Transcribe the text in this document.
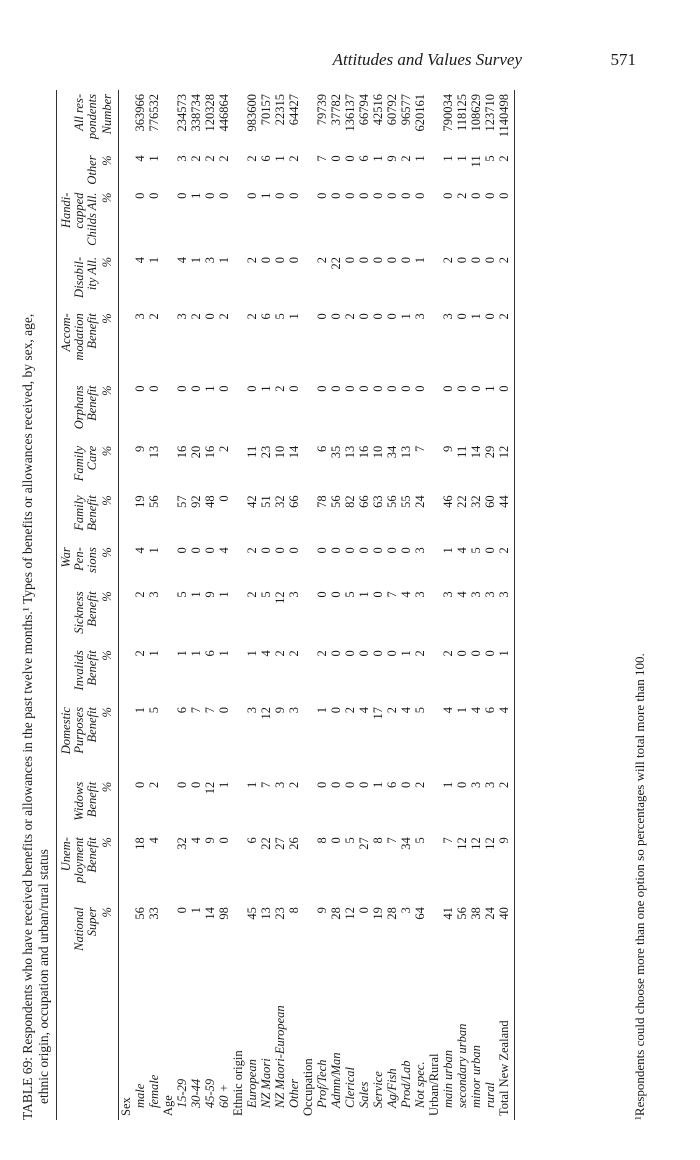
Attitudes and Values Survey	571
TABLE 69: Respondents who have received benefits or allowances in the past twelve months.¹ Types of benefits or allowances received, by sex, age, ethnic origin, occupation and urban/rural status
	National Super	Unem-ployment Benefit	Widows Benefit	Domestic Purposes Benefit	Invalids Benefit	Sickness Benefit	War Pen-sions	Family Benefit	Family Care	Orphans Benefit	Accom-modation Benefit	Disabil-ity All.	Handi-capped Childs All.	Other	All res-pondents
	%	%	%	%	%	%	%	%	%	%	%	%	%	%	Number
Sex															
male	56	18	0	1	2	2	4	19	9	0	3	4	0	4	363966
female	33	4	2	5	1	3	1	56	13	0	2	1	0	1	776532
Age															
15-29	0	32	0	6	1	5	0	57	16	0	3	4	0	3	234573
30-44	1	4	0	7	1	1	0	92	20	0	2	1	1	2	338734
45-59	14	9	12	7	6	9	0	48	16	1	0	3	0	2	120328
60 +	98	0	1	0	1	1	4	0	2	0	2	1	0	2	446864
Ethnic origin															
European	45	6	1	3	1	2	2	42	11	0	2	2	0	2	983600
NZ Maori	13	22	7	12	4	5	0	51	23	1	6	0	1	6	70157
NZ Maori-European	23	27	3	9	2	12	0	32	10	2	5	0	0	1	22315
Other	8	26	2	3	2	3	0	66	14	0	1	0	0	2	64427
Occupation															
Prof/Tech	9	8	0	1	2	0	0	78	6	0	0	2	0	7	79739
Admn/Man	28	0	0	0	0	0	0	56	35	0	0	22	0	0	37782
Clerical	12	5	0	2	0	5	0	82	13	0	2	0	0	0	136137
Sales	0	27	0	4	0	1	0	66	16	0	0	0	0	6	66794
Service	19	8	1	17	0	0	0	63	10	0	0	0	0	1	42516
Ag/Fish	28	7	6	2	0	7	0	56	34	0	0	0	0	9	60792
Prod/Lab	3	34	0	4	1	4	0	55	13	0	1	0	0	2	96577
Not spec.	64	5	2	5	2	3	3	24	7	0	3	1	0	1	620161
Urban/Rural															
main urban	41	7	1	4	2	3	1	46	9	0	3	2	0	1	790034
secondary urban	56	12	0	1	0	4	4	22	11	0	0	0	2	1	118125
minor urban	38	12	3	4	0	3	5	32	14	0	1	0	0	11	108629
rural	24	12	3	6	0	3	0	60	29	1	0	0	0	5	123710
Total New Zealand	40	9	2	4	1	3	2	44	12	0	2	2	0	2	1140498
¹Respondents could choose more than one option so percentages will total more than 100.
